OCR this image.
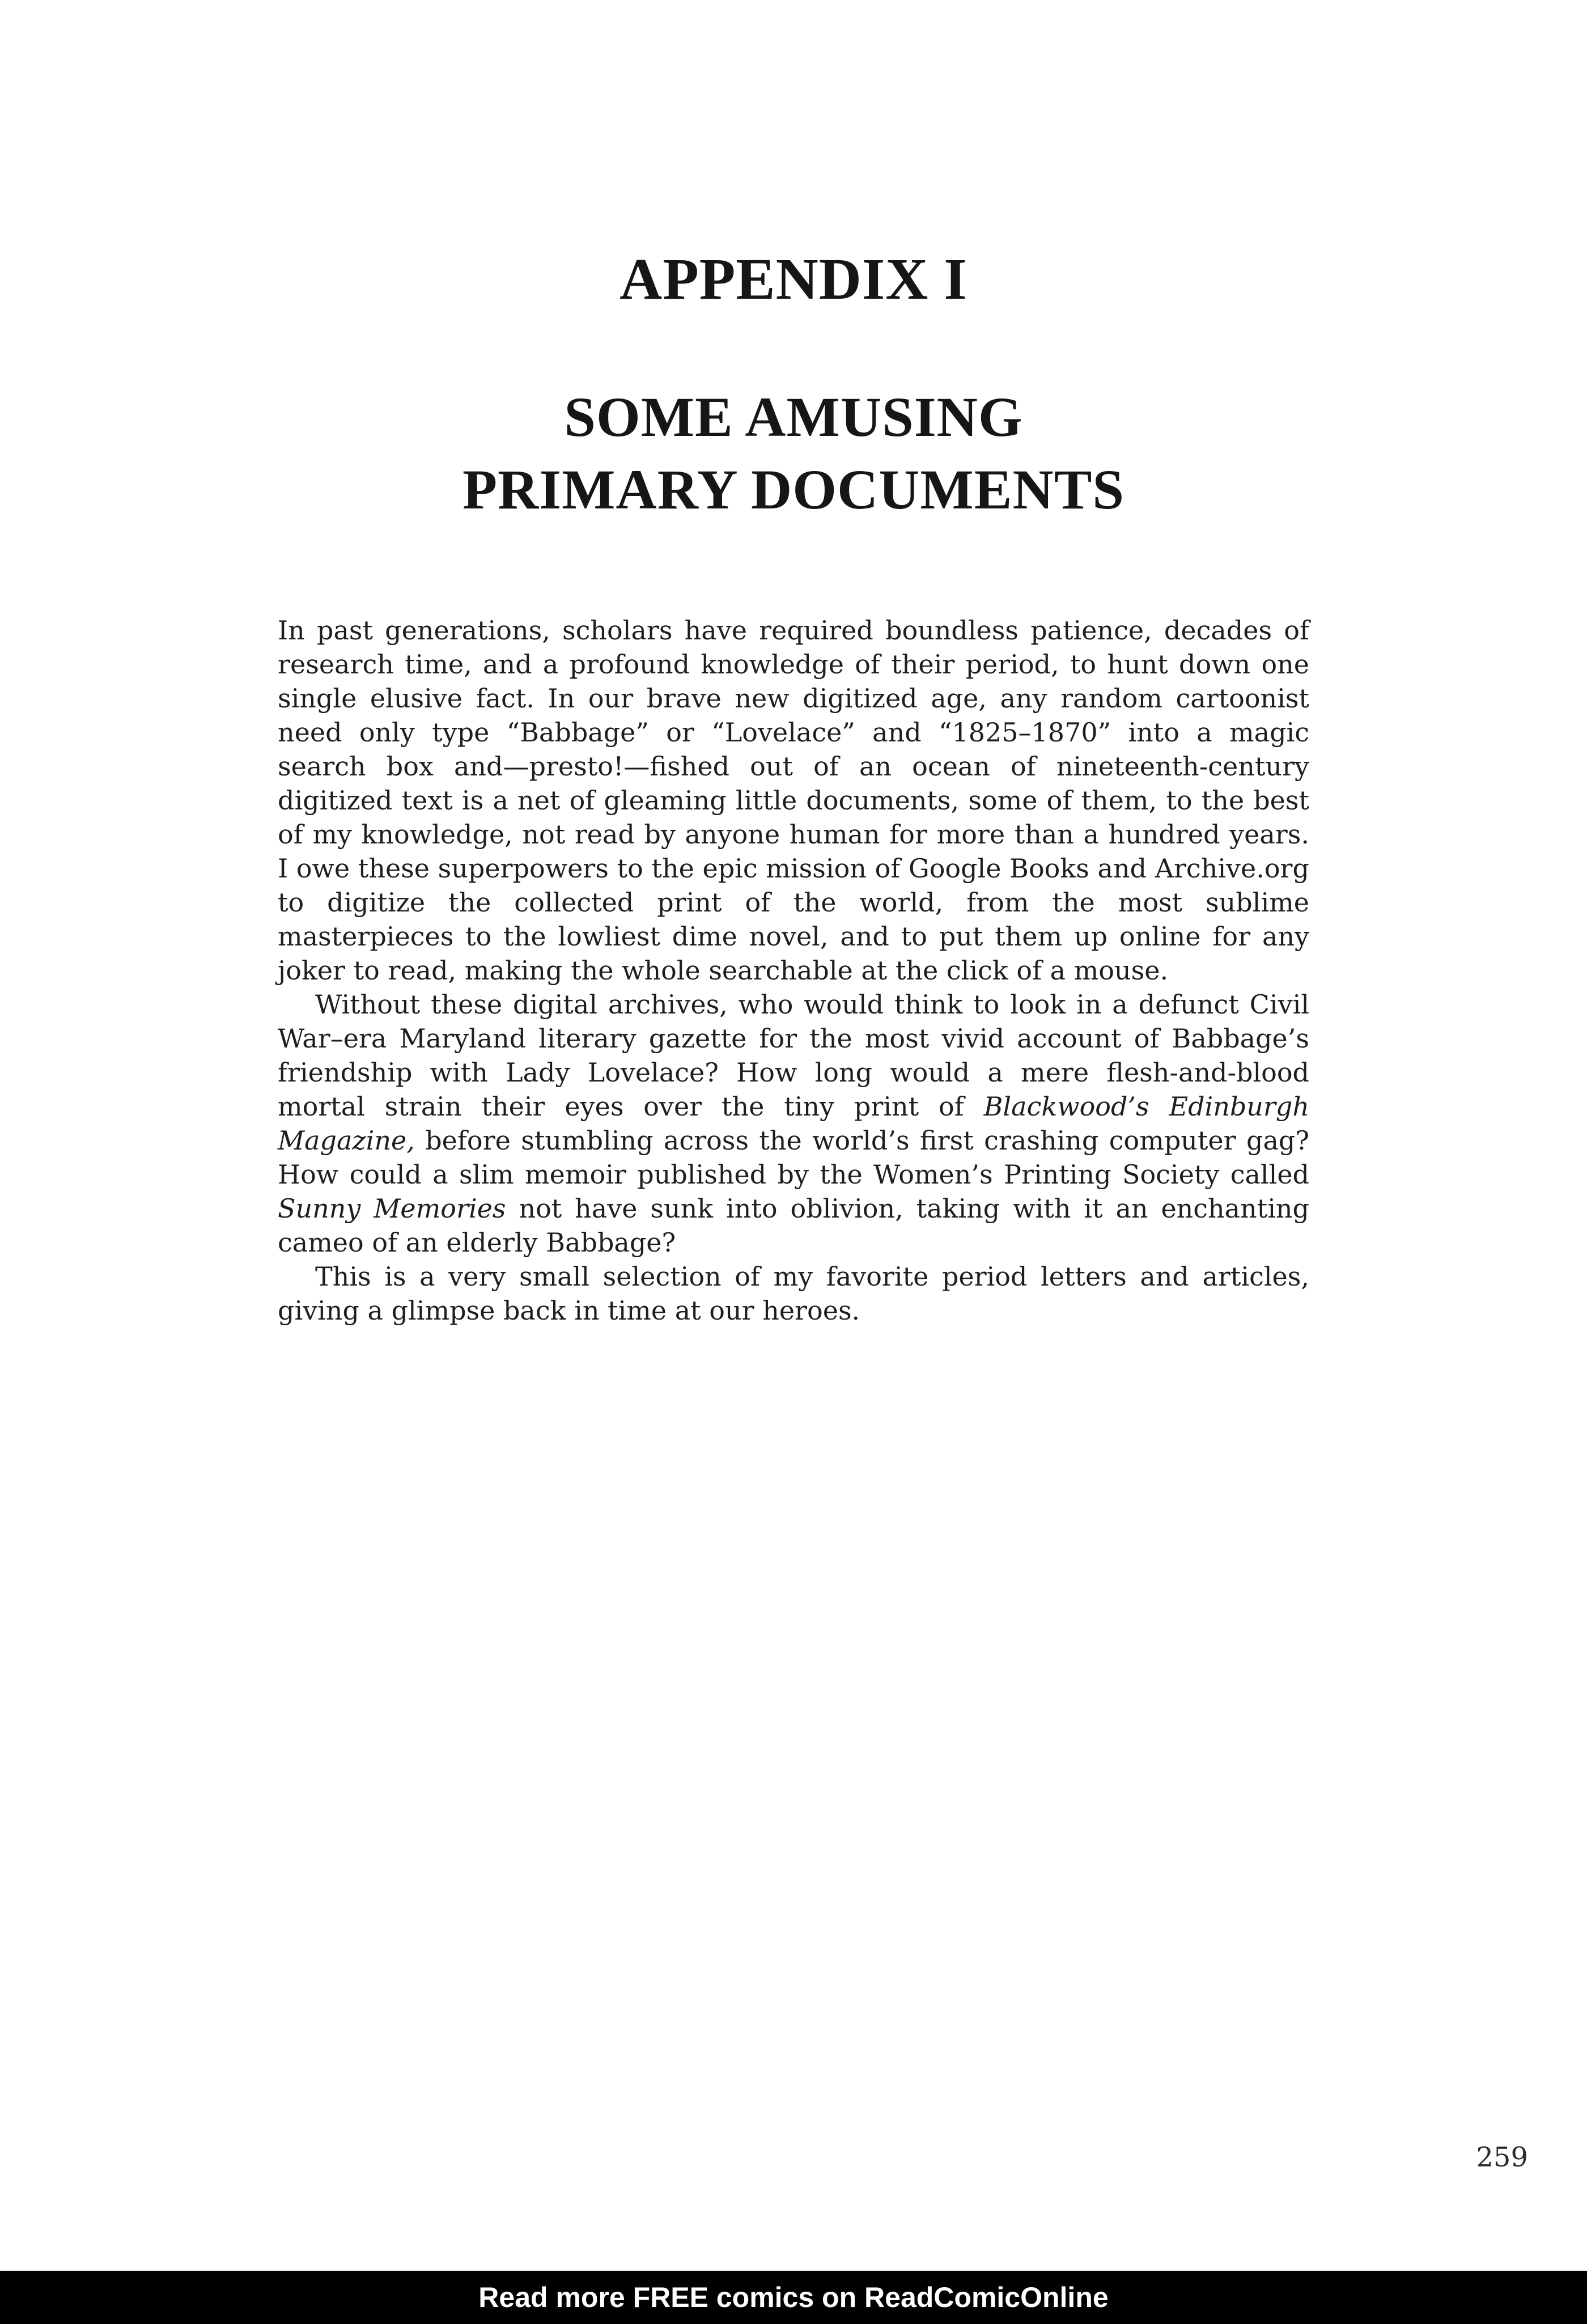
APPENDIX I
SOME AMUSING
PRIMARY DOCUMENTS

In past generations, scholars have required boundless patience, decades of research time, and a profound knowledge of their period, to hunt down one single elusive fact. In our brave new digitized age, any random cartoonist need only type “Babbage” or “Lovelace” and “1825–1870” into a magic search box and—presto!—fished out of an ocean of nineteenth-century digitized text is a net of gleaming little documents, some of them, to the best of my knowledge, not read by anyone human for more than a hundred years. I owe these superpowers to the epic mission of Google Books and Archive.org to digitize the collected print of the world, from the most sublime masterpieces to the lowliest dime novel, and to put them up online for any joker to read, making the whole searchable at the click of a mouse.

Without these digital archives, who would think to look in a defunct Civil War–era Maryland literary gazette for the most vivid account of Babbage’s friendship with Lady Lovelace? How long would a mere flesh-and-blood mortal strain their eyes over the tiny print of Blackwood’s Edinburgh Magazine, before stumbling across the world’s first crashing computer gag? How could a slim memoir published by the Women’s Printing Society called Sunny Memories not have sunk into oblivion, taking with it an enchanting cameo of an elderly Babbage?

This is a very small selection of my favorite period letters and articles, giving a glimpse back in time at our heroes.

259
Read more FREE comics on ReadComicOnline
